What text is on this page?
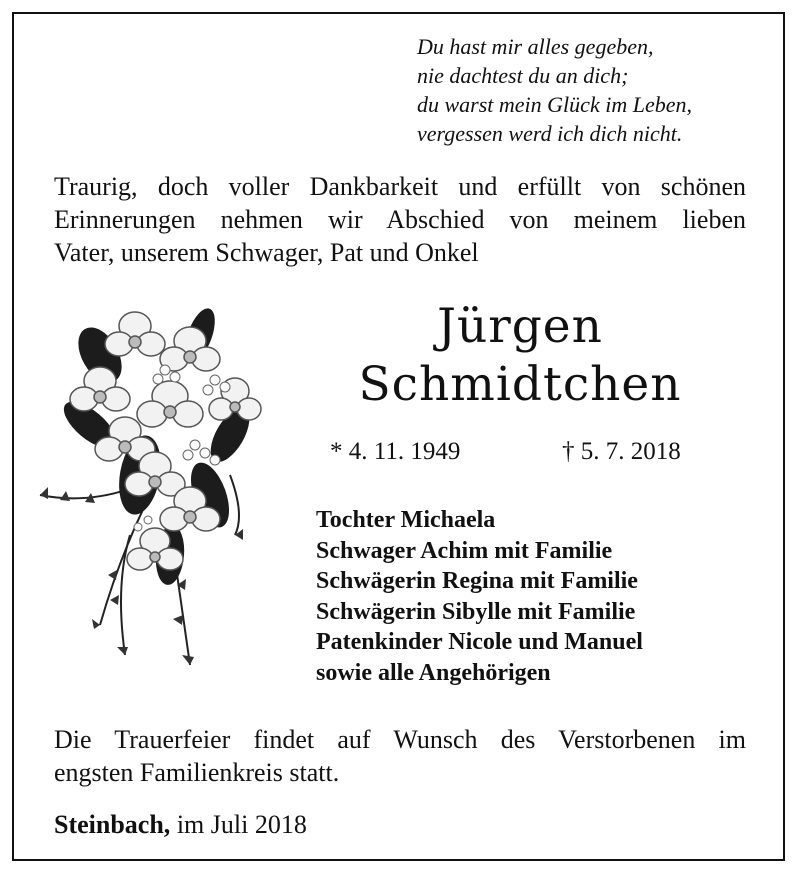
Du hast mir alles gegeben,
nie dachtest du an dich;
du warst mein Glück im Leben,
vergessen werd ich dich nicht.
Traurig, doch voller Dankbarkeit und erfüllt von schönen
Erinnerungen nehmen wir Abschied von meinem lieben
Vater, unserem Schwager, Pat und Onkel
Jürgen
Schmidtchen
* 4. 11. 1949	† 5. 7. 2018
Tochter Michaela
Schwager Achim mit Familie
Schwägerin Regina mit Familie
Schwägerin Sibylle mit Familie
Patenkinder Nicole und Manuel
sowie alle Angehörigen
Die Trauerfeier findet auf Wunsch des Verstorbenen im
engsten Familienkreis statt.
Steinbach, im Juli 2018
